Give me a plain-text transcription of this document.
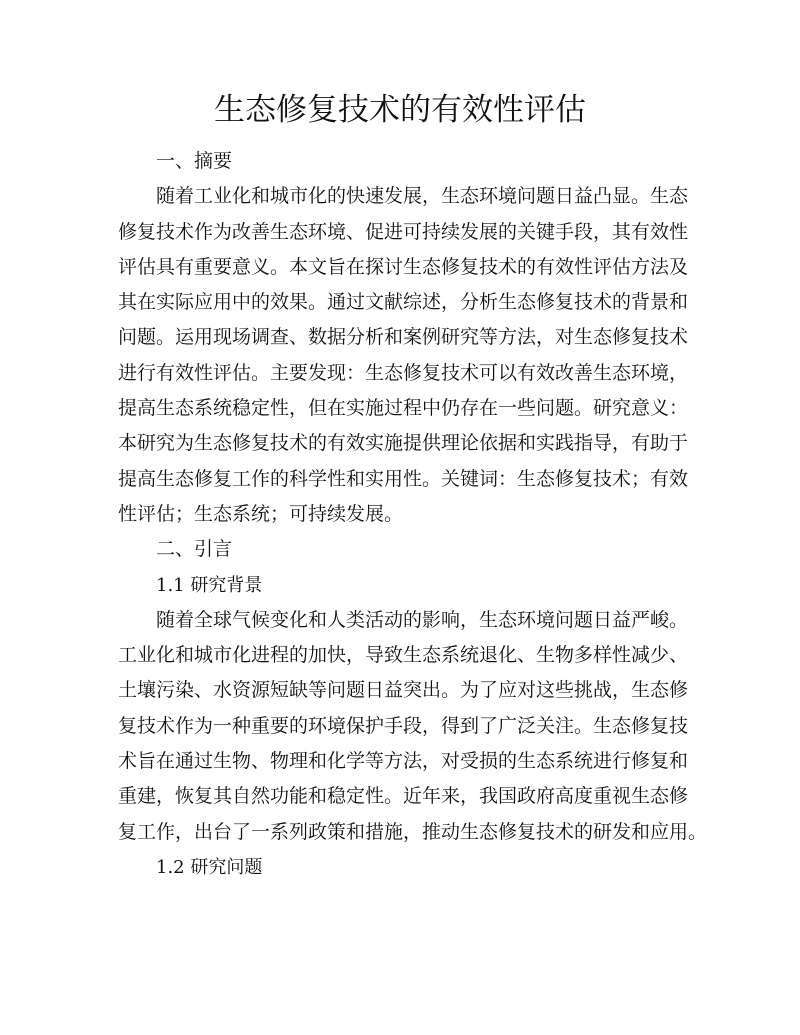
生态修复技术的有效性评估

一、摘要

随着工业化和城市化的快速发展，生态环境问题日益凸显。生态
修复技术作为改善生态环境、促进可持续发展的关键手段，其有效性
评估具有重要意义。本文旨在探讨生态修复技术的有效性评估方法及
其在实际应用中的效果。通过文献综述，分析生态修复技术的背景和
问题。运用现场调查、数据分析和案例研究等方法，对生态修复技术
进行有效性评估。主要发现：生态修复技术可以有效改善生态环境，
提高生态系统稳定性，但在实施过程中仍存在一些问题。研究意义：
本研究为生态修复技术的有效实施提供理论依据和实践指导，有助于
提高生态修复工作的科学性和实用性。关键词：生态修复技术；有效
性评估；生态系统；可持续发展。

二、引言

1.1 研究背景

随着全球气候变化和人类活动的影响，生态环境问题日益严峻。
工业化和城市化进程的加快，导致生态系统退化、生物多样性减少、
土壤污染、水资源短缺等问题日益突出。为了应对这些挑战，生态修
复技术作为一种重要的环境保护手段，得到了广泛关注。生态修复技
术旨在通过生物、物理和化学等方法，对受损的生态系统进行修复和
重建，恢复其自然功能和稳定性。近年来，我国政府高度重视生态修
复工作，出台了一系列政策和措施，推动生态修复技术的研发和应用。

1.2 研究问题
